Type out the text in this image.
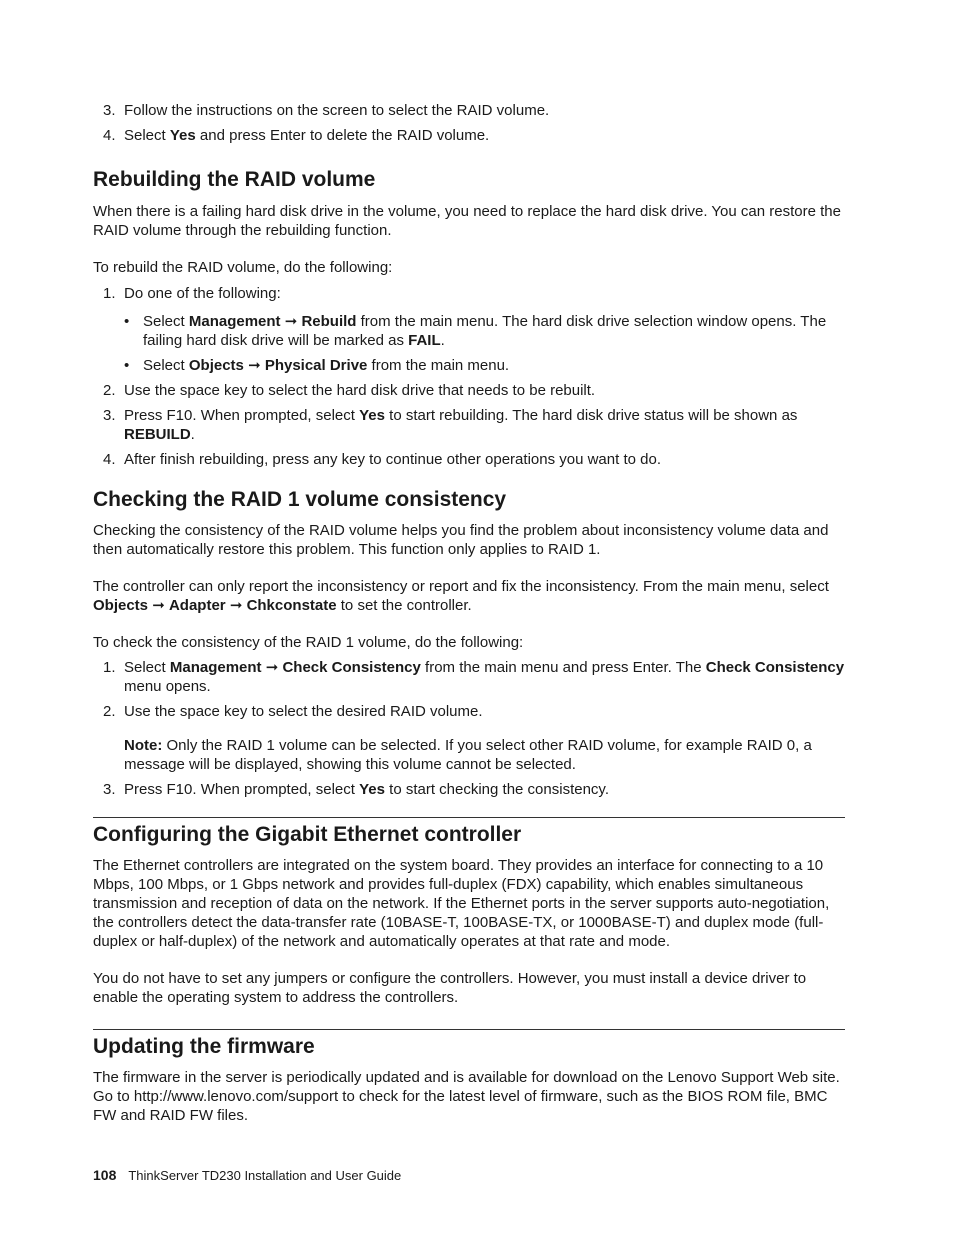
3. Follow the instructions on the screen to select the RAID volume.
4. Select Yes and press Enter to delete the RAID volume.
Rebuilding the RAID volume

When there is a failing hard disk drive in the volume, you need to replace the hard disk drive. You can restore the RAID volume through the rebuilding function.

To rebuild the RAID volume, do the following:

1. Do one of the following:
• Select Management ➞ Rebuild from the main menu. The hard disk drive selection window opens. The failing hard disk drive will be marked as FAIL.
• Select Objects ➞ Physical Drive from the main menu.
2. Use the space key to select the hard disk drive that needs to be rebuilt.
3. Press F10. When prompted, select Yes to start rebuilding. The hard disk drive status will be shown as REBUILD.
4. After finish rebuilding, press any key to continue other operations you want to do.
Checking the RAID 1 volume consistency

Checking the consistency of the RAID volume helps you find the problem about inconsistency volume data and then automatically restore this problem. This function only applies to RAID 1.

The controller can only report the inconsistency or report and fix the inconsistency. From the main menu, select Objects ➞ Adapter ➞ Chkconstate to set the controller.

To check the consistency of the RAID 1 volume, do the following:

1. Select Management ➞ Check Consistency from the main menu and press Enter. The Check Consistency menu opens.
2. Use the space key to select the desired RAID volume.

Note: Only the RAID 1 volume can be selected. If you select other RAID volume, for example RAID 0, a message will be displayed, showing this volume cannot be selected.

3. Press F10. When prompted, select Yes to start checking the consistency.
Configuring the Gigabit Ethernet controller

The Ethernet controllers are integrated on the system board. They provides an interface for connecting to a 10 Mbps, 100 Mbps, or 1 Gbps network and provides full-duplex (FDX) capability, which enables simultaneous transmission and reception of data on the network. If the Ethernet ports in the server supports auto-negotiation, the controllers detect the data-transfer rate (10BASE-T, 100BASE-TX, or 1000BASE-T) and duplex mode (full-duplex or half-duplex) of the network and automatically operates at that rate and mode.

You do not have to set any jumpers or configure the controllers. However, you must install a device driver to enable the operating system to address the controllers.

Updating the firmware

The firmware in the server is periodically updated and is available for download on the Lenovo Support Web site. Go to http://www.lenovo.com/support to check for the latest level of firmware, such as the BIOS ROM file, BMC FW and RAID FW files.

108 ThinkServer TD230 Installation and User Guide
